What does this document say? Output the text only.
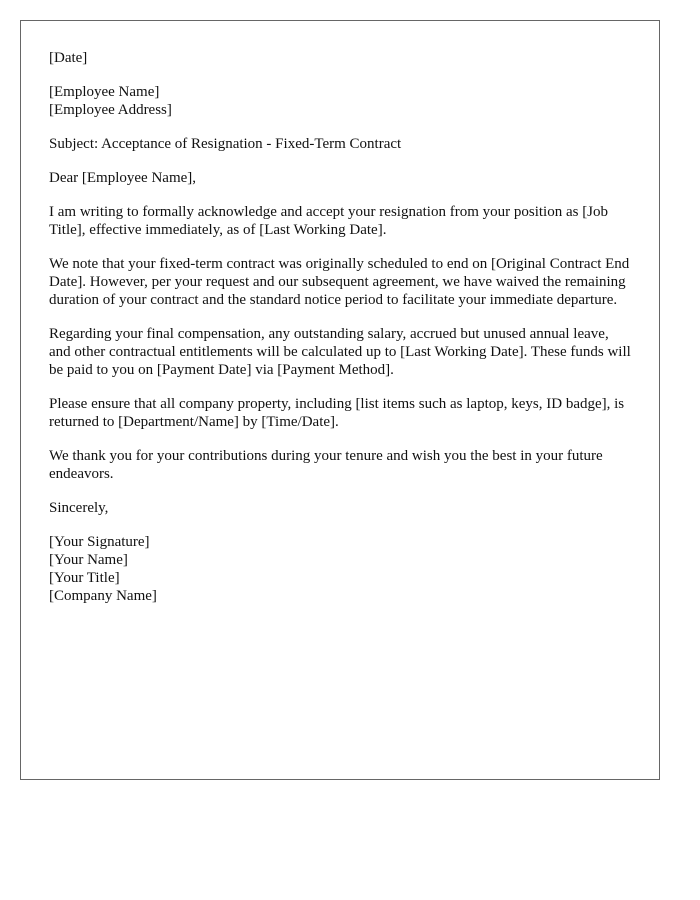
[Date]
[Employee Name]
[Employee Address]
Subject: Acceptance of Resignation - Fixed-Term Contract
Dear [Employee Name],

I am writing to formally acknowledge and accept your resignation from your position as [Job Title], effective immediately, as of [Last Working Date].

We note that your fixed-term contract was originally scheduled to end on [Original Contract End Date]. However, per your request and our subsequent agreement, we have waived the remaining duration of your contract and the standard notice period to facilitate your immediate departure.

Regarding your final compensation, any outstanding salary, accrued but unused annual leave, and other contractual entitlements will be calculated up to [Last Working Date]. These funds will be paid to you on [Payment Date] via [Payment Method].

Please ensure that all company property, including [list items such as laptop, keys, ID badge], is returned to [Department/Name] by [Time/Date].

We thank you for your contributions during your tenure and wish you the best in your future endeavors.

Sincerely,
[Your Signature]
[Your Name]
[Your Title]
[Company Name]
